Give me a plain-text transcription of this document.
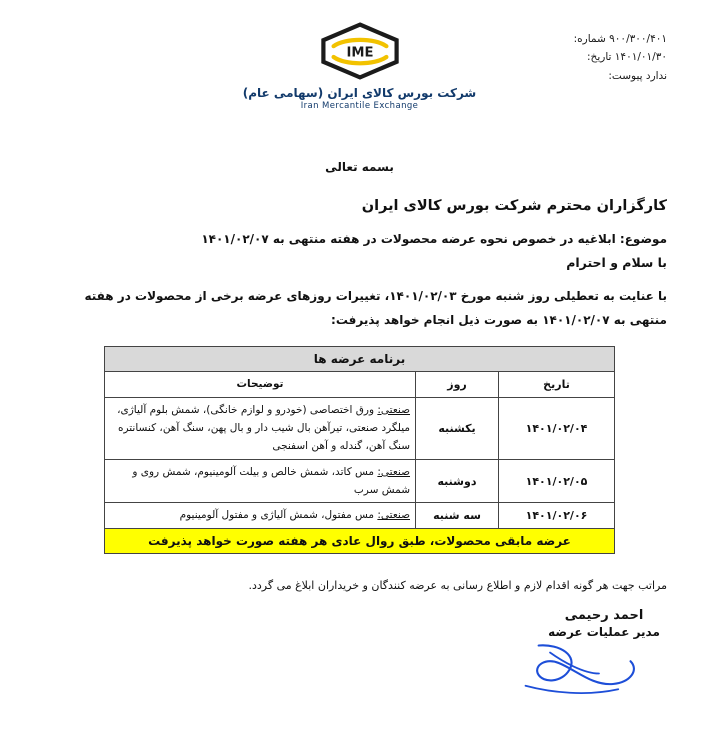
۹۰۰/۳۰۰/۴۰۱ شماره:
۱۴۰۱/۰۱/۳۰ تاریخ:
ندارد پیوست:
IME
شرکت بورس کالای ایران (سهامی عام)
Iran Mercantile Exchange
بسمه تعالی
کارگزاران محترم شرکت بورس کالای ایران
موضوع: ابلاغیه در خصوص نحوه عرضه محصولات در هفته منتهی به ۱۴۰۱/۰۲/۰۷
با سلام و احترام
با عنایت به تعطیلی روز شنبه مورخ ۱۴۰۱/۰۲/۰۳، تغییرات روزهای عرضه برخی از محصولات در هفته
منتهی به ۱۴۰۱/۰۲/۰۷ به صورت ذیل انجام خواهد پذیرفت:
برنامه عرضه ها		
تاریخ	روز	توضیحات
۱۴۰۱/۰۲/۰۴	یکشنبه	صنعتی: ورق اختصاصی (خودرو و لوازم خانگی)، شمش بلوم آلیاژی، میلگرد صنعتی، تیرآهن بال شیب دار و بال پهن، سنگ آهن، کنسانتره سنگ آهن، گندله و آهن اسفنجی
۱۴۰۱/۰۲/۰۵	دوشنبه	صنعتی: مس کاتد، شمش خالص و بیلت آلومینیوم، شمش روی و شمش سرب
۱۴۰۱/۰۲/۰۶	سه شنبه	صنعتی: مس مفتول، شمش آلیاژی و مفتول آلومینیوم
عرضه مابقی محصولات، طبق روال عادی هر هفته صورت خواهد پذیرفت		
مراتب جهت هر گونه اقدام لازم و اطلاع رسانی به عرضه کنندگان و خریداران ابلاغ می گردد.
احمد رحیمی
مدیر عملیات عرضه
